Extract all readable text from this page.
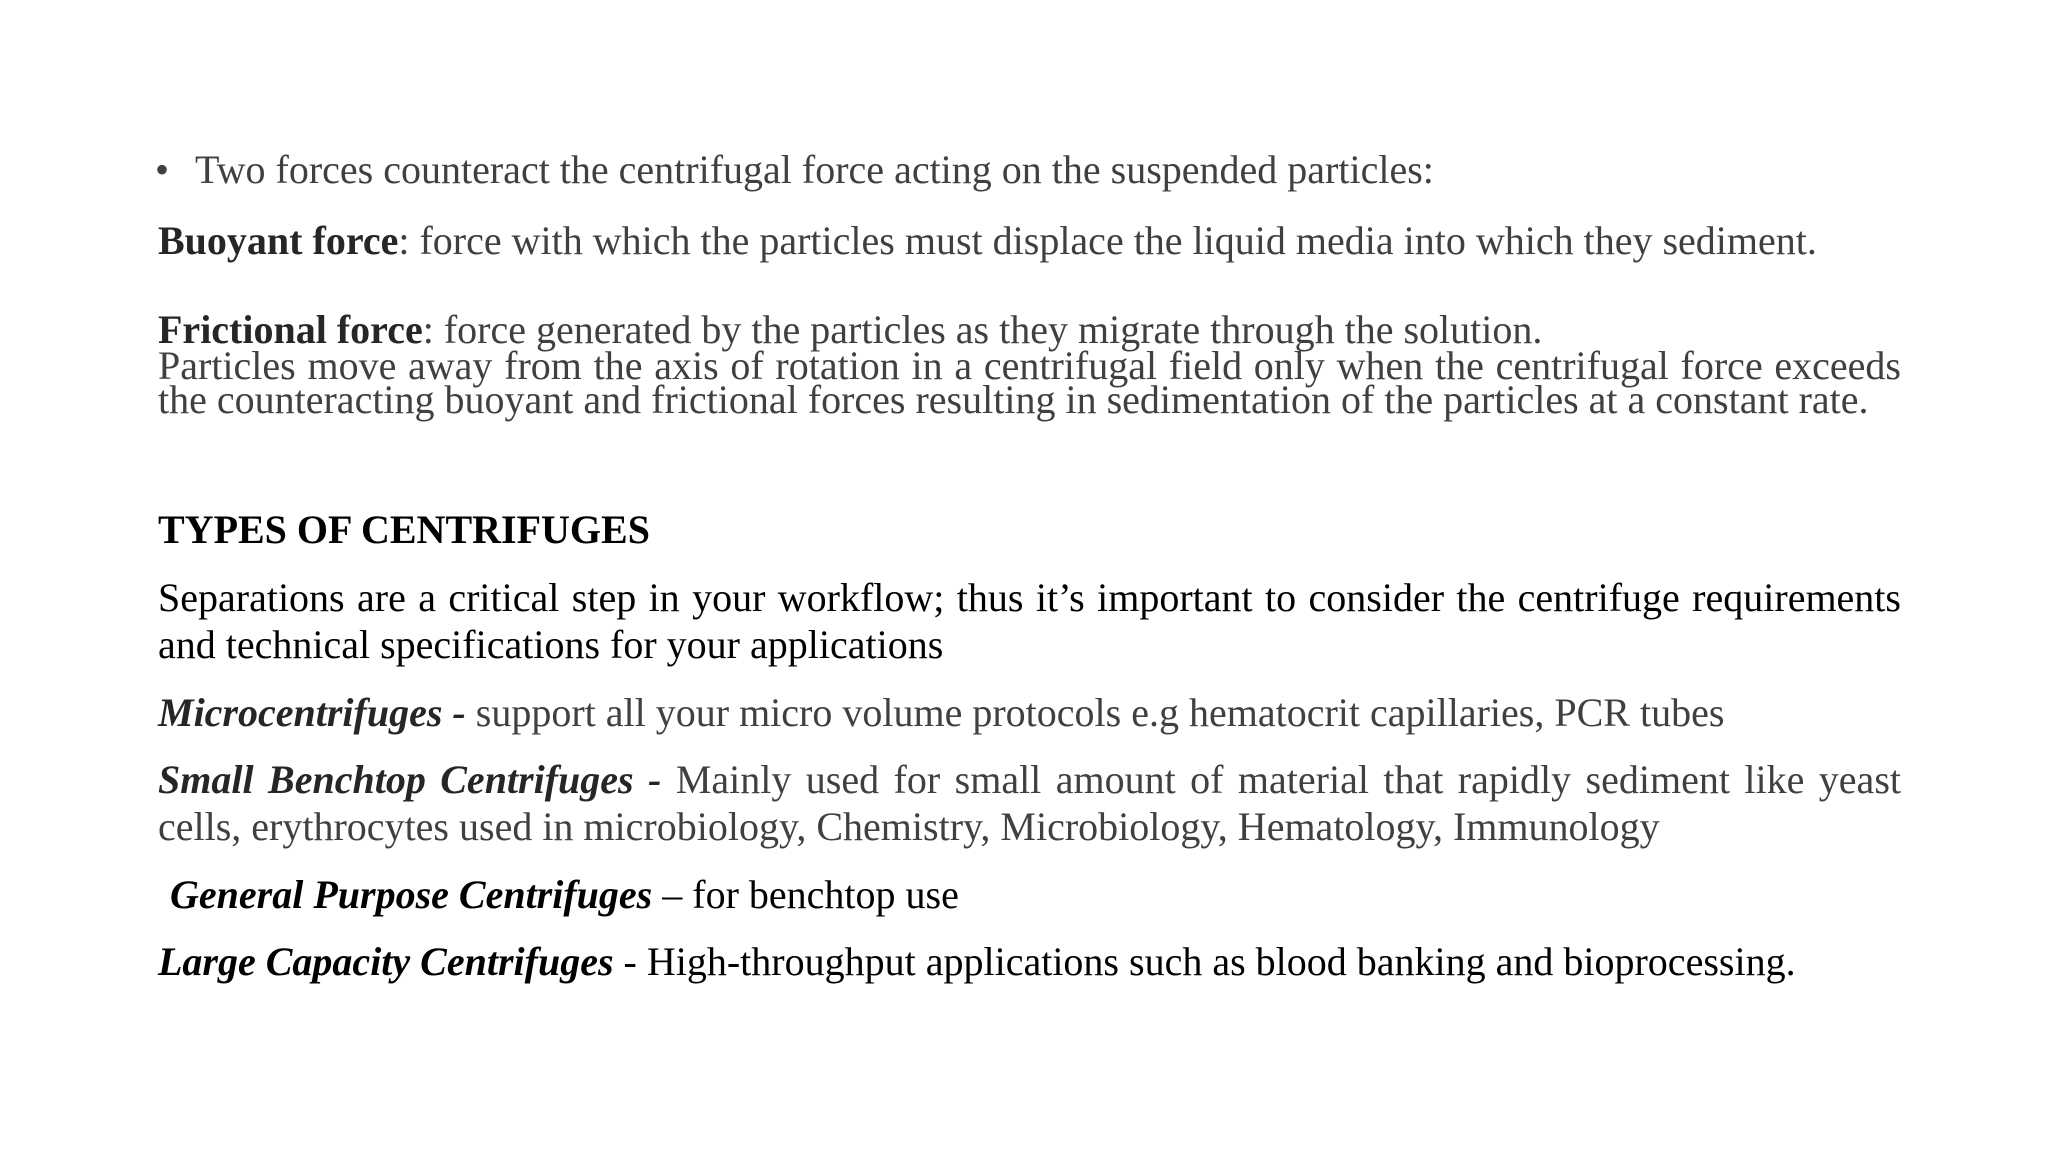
• Two forces counteract the centrifugal force acting on the suspended particles:

Buoyant force: force with which the particles must displace the liquid media into which they sediment.

Frictional force: force generated by the particles as they migrate through the solution.

Particles move away from the axis of rotation in a centrifugal field only when the centrifugal force exceeds the counteracting buoyant and frictional forces resulting in sedimentation of the particles at a constant rate.

TYPES OF CENTRIFUGES

Separations are a critical step in your workflow; thus it’s important to consider the centrifuge requirements and technical specifications for your applications

Microcentrifuges - support all your micro volume protocols e.g hematocrit capillaries, PCR tubes

Small Benchtop Centrifuges - Mainly used for small amount of material that rapidly sediment like yeast cells, erythrocytes used in microbiology, Chemistry, Microbiology, Hematology, Immunology

General Purpose Centrifuges – for benchtop use

Large Capacity Centrifuges - High-throughput applications such as blood banking and bioprocessing.
